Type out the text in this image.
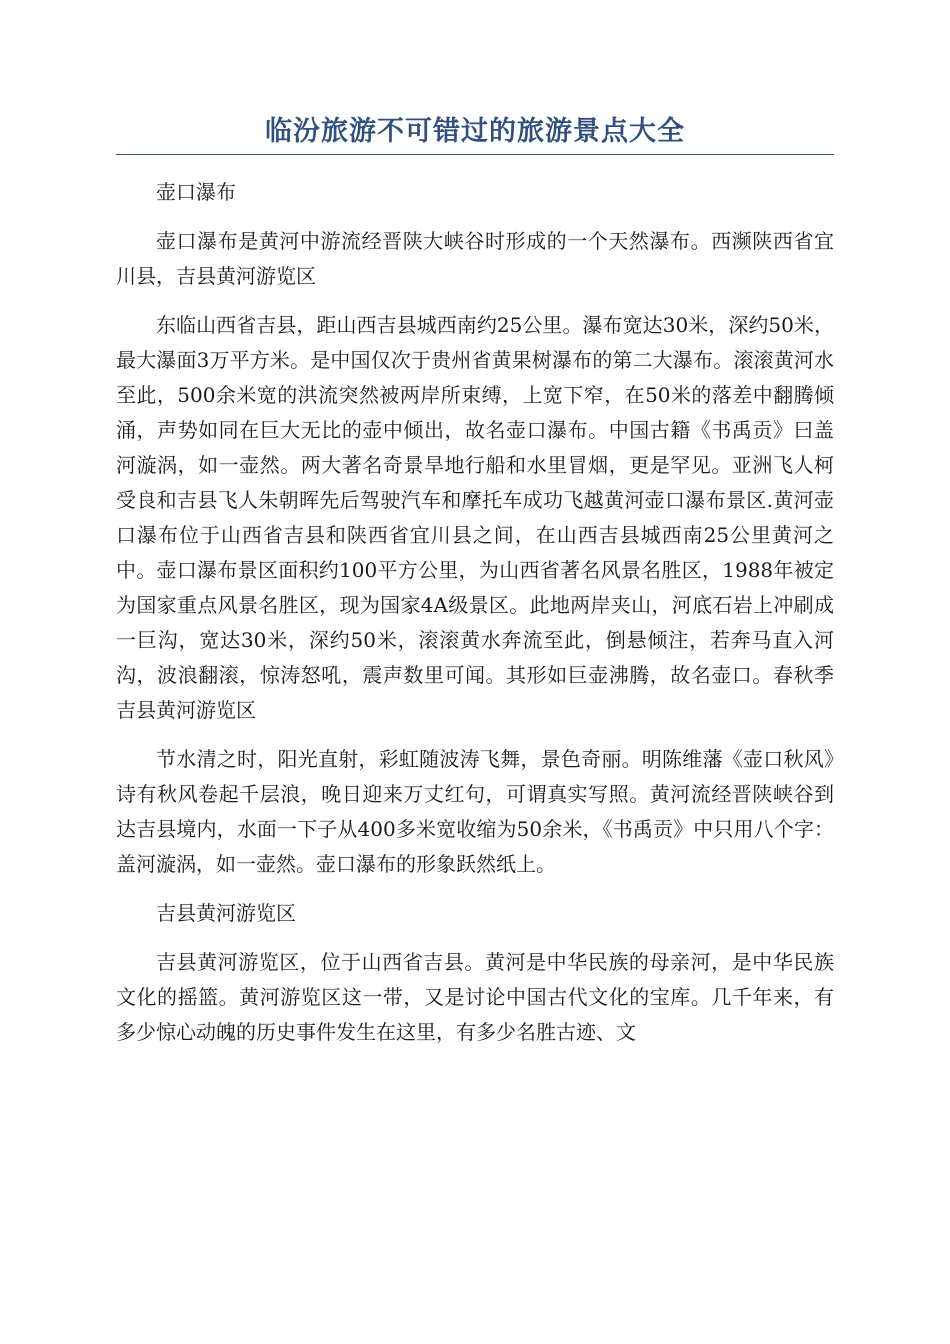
临汾旅游不可错过的旅游景点大全

壶口瀑布

壶口瀑布是黄河中游流经晋陕大峡谷时形成的一个天然瀑布。西濒陕西省宜川县，吉县黄河游览区

东临山西省吉县，距山西吉县城西南约25公里。瀑布宽达30米，深约50米，最大瀑面3万平方米。是中国仅次于贵州省黄果树瀑布的第二大瀑布。滚滚黄河水至此，500余米宽的洪流突然被两岸所束缚，上宽下窄，在50米的落差中翻腾倾涌，声势如同在巨大无比的壶中倾出，故名壶口瀑布。中国古籍《书禹贡》曰盖河漩涡，如一壶然。两大著名奇景旱地行船和水里冒烟，更是罕见。亚洲飞人柯受良和吉县飞人朱朝晖先后驾驶汽车和摩托车成功飞越黄河壶口瀑布景区.黄河壶口瀑布位于山西省吉县和陕西省宜川县之间，在山西吉县城西南25公里黄河之中。壶口瀑布景区面积约100平方公里，为山西省著名风景名胜区，1988年被定为国家重点风景名胜区，现为国家4A级景区。此地两岸夹山，河底石岩上冲刷成一巨沟，宽达30米，深约50米，滚滚黄水奔流至此，倒悬倾注，若奔马直入河沟，波浪翻滚，惊涛怒吼，震声数里可闻。其形如巨壶沸腾，故名壶口。春秋季吉县黄河游览区

节水清之时，阳光直射，彩虹随波涛飞舞，景色奇丽。明陈维藩《壶口秋风》诗有秋风卷起千层浪，晚日迎来万丈红句，可谓真实写照。黄河流经晋陕峡谷到达吉县境内，水面一下子从400多米宽收缩为50余米，《书禹贡》中只用八个字：盖河漩涡，如一壶然。壶口瀑布的形象跃然纸上。

吉县黄河游览区

吉县黄河游览区，位于山西省吉县。黄河是中华民族的母亲河，是中华民族文化的摇篮。黄河游览区这一带，又是讨论中国古代文化的宝库。几千年来，有多少惊心动魄的历史事件发生在这里，有多少名胜古迹、文
